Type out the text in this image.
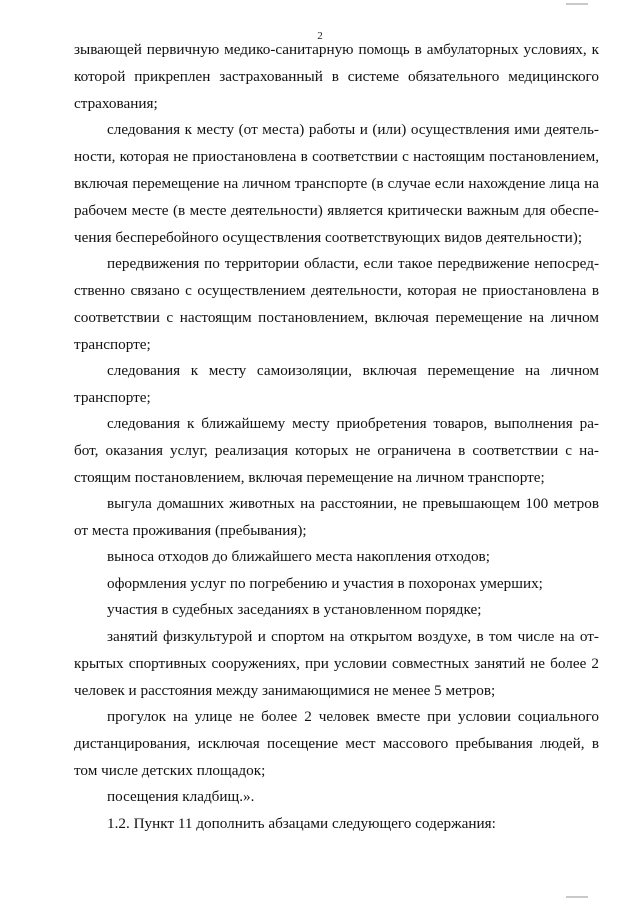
2
зывающей первичную медико-санитарную помощь в амбулаторных условиях, к
которой прикреплен застрахованный в системе обязательного медицинского
страхования;
следования к месту (от места) работы и (или) осуществления ими деятель-
ности, которая не приостановлена в соответствии с настоящим постановлением,
включая перемещение на личном транспорте (в случае если нахождение лица на
рабочем месте (в месте деятельности) является критически важным для обеспе-
чения бесперебойного осуществления соответствующих видов деятельности);
передвижения по территории области, если такое передвижение непосред-
ственно связано с осуществлением деятельности, которая не приостановлена в
соответствии с настоящим постановлением, включая перемещение на личном
транспорте;
следования к месту самоизоляции, включая перемещение на личном
транспорте;
следования к ближайшему месту приобретения товаров, выполнения ра-
бот, оказания услуг, реализация которых не ограничена в соответствии с на-
стоящим постановлением, включая перемещение на личном транспорте;
выгула домашних животных на расстоянии, не превышающем 100 метров
от места проживания (пребывания);
выноса отходов до ближайшего места накопления отходов;
оформления услуг по погребению и участия в похоронах умерших;
участия в судебных заседаниях в установленном порядке;
занятий физкультурой и спортом на открытом воздухе, в том числе на от-
крытых спортивных сооружениях, при условии совместных занятий не более 2
человек и расстояния между занимающимися не менее 5 метров;
прогулок на улице не более 2 человек вместе при условии социального
дистанцирования, исключая посещение мест массового пребывания людей, в
том числе детских площадок;
посещения кладбищ.».
1.2. Пункт 11 дополнить абзацами следующего содержания:
